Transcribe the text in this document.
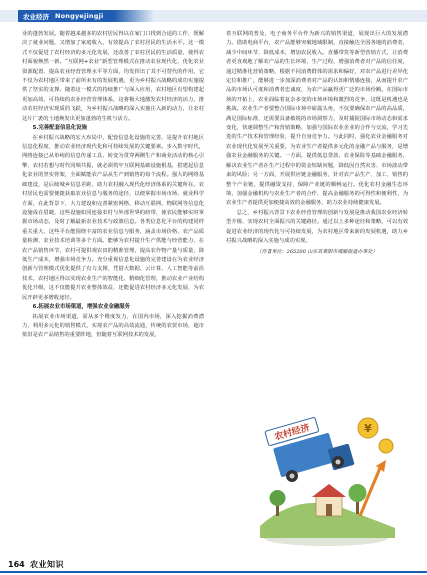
农业经济 Nongyejingji

业的蓬勃发展。随着越来越多的农村居民得以在家门口找到合适的工作，既解决了就业问题，又增加了家庭收入，有效提高了农村居民的生活水平。这一模式不仅促进了农村经济的多元化发展，还改善了农村居民的生活质量，使得农村面貌焕然一新。“互联网+农业”新型管理模式在推动农业现代化、优化农业资源配置、提高农业经营管理水平等方面，均发挥出了其不可替代的作用，它不仅为农村地区带来了前所未有的发展机遇，更为乡村振兴战略的成功实施提供了坚实的支撑。随着这一模式的持续推广与深入应用，农村地区有望构建起更加高效、可持续的农业经营管理体系，这将极大地激发农村经济的活力，推动农村经济实现质的飞跃，为乡村振兴战略的深入实施注入新的动力，让农村这片广袤的土地焕发出更加蓬勃的生机与活力。

5.完善配套信息化设施

在乡村振兴战略的宏大布局中，配套信息化设施的完善，是提升农村地区信息化程度、推动农业经济现代化和可持续发展的关键要素。步入数字时代，网络连接已从单纯的信息传递工具，转变为贯穿两侧生产和商业活动的核心引擎，农村若想与时代同频共振，就必须筑牢互联网基础设施根基，搭建起信息化农业的坚实骨架，全面赋能农产品从生产到销售的每个流程。强大的网络基础建设，是后续城乡信息差距、助力农村融入现代化经济体系的关键所在。农村居民也需要便捷获取农业信息与服务的途径，以便掌握市场市场、就业科学方面，在此背景下，大力建设和完善紧密网格、移动互联网、物联网等信息化设施成在眉睫，这些设施如同连接农村与外部世界的纽带，使农民能够实时掌握市场动态，及时了解最新农业技术与政策信息。各类信息化平台的构建同样重关重大，这些平台能围绕丰富的农业信息与服务，涵盖市场价格、农产品质量检测、农业技术培训等多个方面。能够为农村提升生产供能与经营能力、在农产品销售环节，农村可提供观农田的精准管理，提高农作物产量与质量，降低生产成本，增强市场竞争力。充分重视信息化设施的完善建设在为农业经济创新与管理模式优化提供了有力支撑，凭借大数据、云计算、人工智能等前沿技术，农村地区得以实现农业生产的智能化、精细化管理，推动农业产业结构优化升级，这不仅能提升农业整体效益，还能促进农村经济多元化发展，为农民开辟更多增收途径。

6.拓展农业市场渠道，增强农业金融服务

拓展农业市场渠道，需从多个维度发力，在国内市场，深入挖掘消费潜力，利用多元化的销售模式，实现农产品的高效流通，传统的农贸市场，超市依旧是农产品销售的重要阵地，但随着互联网技术的发展，

着互联网的普及，电子商务平台作为新兴的销售渠道，展现出巨大的发展潜力。借助电商平台，农产品能够突破地域限制，直接触达全国各地的消费者，减少中间环节，降低成本，增加农民收入。直播带货等新型营销方式，让消费者更直观地了解农产品的生长环境、生产过程，增强消费者对产品的信任度，通过精准化营销策略，根据不同消费群体的需求和偏好，对农产品进行差异化定位和推广，能够进一步加深消费者对产品的认知和情感连接，从而提升农产品的市场认可度和消费者忠诚度，为农产品赢得更广泛的市场份额。在国际市场的开拓上，农业面临着复杂多变的市场环境和激烈的竞争，这既是机遇也是挑战。农业生产者要整合国际市场中崭露头角，不仅要确保农产品的高品质，满足国际标准，还需要具备敏锐的市场洞察力，及时捕捉国际市场动态和需求变化，快速调整生产和营销策略，加强与国际农业企业的合作与交流，学习先进的生产技术和管理经验，提升自身竞争力。与此同时，强化农业金融服务对农业现代化发展至关重要，为农业生产者提供多元化的金融产品与服务，是增强农业金融服务的关键。一方面，提供低息贷款、农业保险等基础金融服务，解决农业生产者在生产过程中的资金短缺问题，降低因自然灾害、市场波动带来的风险；另一方面，开展供应链金融服务，针对农产品生产、加工、销售的整个产业链，提供融资支持，保障产业链的顺畅运行。优化农村金融生态环境，加强金融机构与农业生产者的合作，提高金融服务的可得性和便利性，为农业生产者提供更加便捷高效的金融服务，助力农业持续健康发展。

总之，乡村振兴背景下农业经营管理的创新与发展是推动我国农业经济转型升级、实现农村全面振兴的关键路径。通过以上多种途径和策略，可以有效促进农业经济的现代化与可持续发展，为农村地区带来新的发展机遇，助力乡村振兴战略的深入实施与成功实现。

（作者单位：265200 山东省莱阳市城厢街道办事处）

农村经济	¥
164 农业知识
